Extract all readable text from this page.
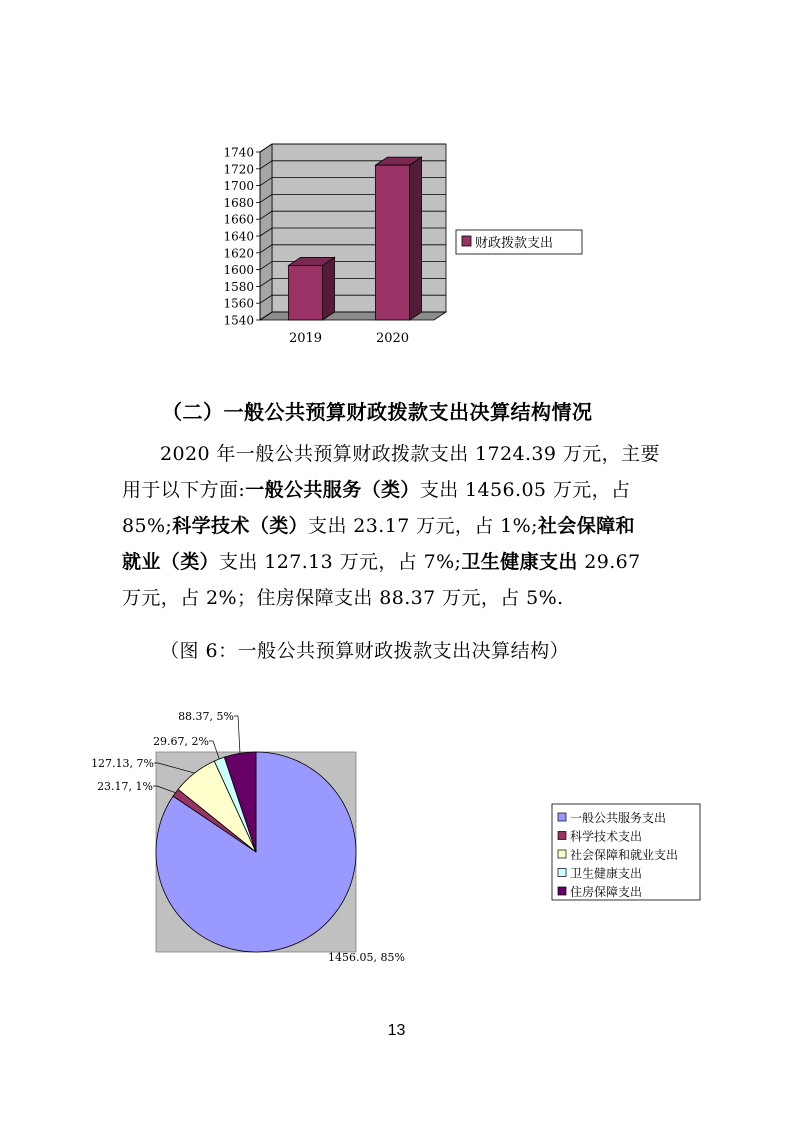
1540
1560
1580
1600
1620
1640
1660
1680
1700
1720
1740
2019	2020
财政拨款支出
（二）一般公共预算财政拨款支出决算结构情况
2020 年一般公共预算财政拨款支出 1724.39 万元，主要
用于以下方面:一般公共服务（类）支出 1456.05 万元，占
85%;科学技术（类）支出 23.17 万元，占 1%;社会保障和
就业（类）支出 127.13 万元，占 7%;卫生健康支出 29.67
万元，占 2%；住房保障支出 88.37 万元，占 5%.
（图 6：一般公共预算财政拨款支出决算结构）
1456.05, 85%
23.17, 1%
127.13, 7%
29.67, 2%
88.37, 5%
一般公共服务支出
科学技术支出
社会保障和就业支出
卫生健康支出
住房保障支出
13
